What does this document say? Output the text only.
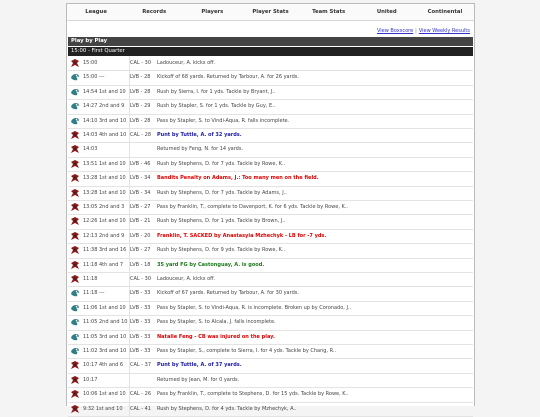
League	Records	Players	Player Stats	Team Stats	United	Continental
View Boxscore | View Weekly Results
Play by Play
15:00 - First Quarter
15:00	CAL - 30	Ladouceur, A. kicks off.
15:00 ---	LVB - 28	Kickoff of 68 yards. Returned by Tarbour, A. for 26 yards.
14:54 1st and 10 LVB - 28	Rush by Sierra, I. for 1 yds. Tackle by Bryant, J..
14:27 2nd and 9	LVB - 29	Rush by Stapler, S. for 1 yds. Tackle by Guy, E..
14:10 3rd and 10 LVB - 28	Pass by Stapler, S. to Vindi-Aqua, R. falls incomplete.
14:03 4th and 10 CAL - 28	Punt by Tuttle, A. of 32 yards.
14:03	Returned by Feng, N. for 14 yards.
13:51 1st and 10 LVB - 46	Rush by Stephens, D. for 7 yds. Tackle by Rowe, K..
13:28 1st and 10 LVB - 34	Bandits Penalty on Adams, J.: Too many men on the field.
13:28 1st and 10 LVB - 34	Rush by Stephens, D. for 7 yds. Tackle by Adams, J..
13:05 2nd and 3	LVB - 27	Pass by Franklin, T., complete to Davenport, K. for 6 yds. Tackle by Rowe, K..
12:26 1st and 10 LVB - 21	Rush by Stephens, D. for 1 yds. Tackle by Brown, J..
12:13 2nd and 9	LVB - 20	Franklin, T. SACKED by Anastasyia Mzhechyk - LB for -7 yds.
11:38 3rd and 16 LVB - 27	Rush by Stephens, D. for 9 yds. Tackle by Rowe, K..
11:18 4th and 7	LVB - 18	35 yard FG by Castonguay, A. is good.
11:18	CAL - 30	Ladouceur, A. kicks off.
11:18 ---	LVB - 33	Kickoff of 67 yards. Returned by Tarbour, A. for 30 yards.
11:06 1st and 10 LVB - 33	Pass by Stapler, S. to Vindi-Aqua, R. is incomplete. Broken up by Coronado, J..
11:05 2nd and 10 LVB - 33	Pass by Stapler, S. to Alcala, J. falls incomplete.
11:05 3rd and 10 LVB - 33	Natalie Feng - CB was injured on the play.
11:02 3rd and 10 LVB - 33	Pass by Stapler, S., complete to Sierra, I. for 4 yds. Tackle by Chang, R..
10:17 4th and 6	CAL - 37	Punt by Tuttle, A. of 37 yards.
10:17	Returned by Jean, M. for 0 yards.
10:06 1st and 10 CAL - 26	Pass by Franklin, T., complete to Stephens, D. for 15 yds. Tackle by Rowe, K..
9:32 1st and 10	CAL - 41	Rush by Stephens, D. for 4 yds. Tackle by Mzhechyk, A..
